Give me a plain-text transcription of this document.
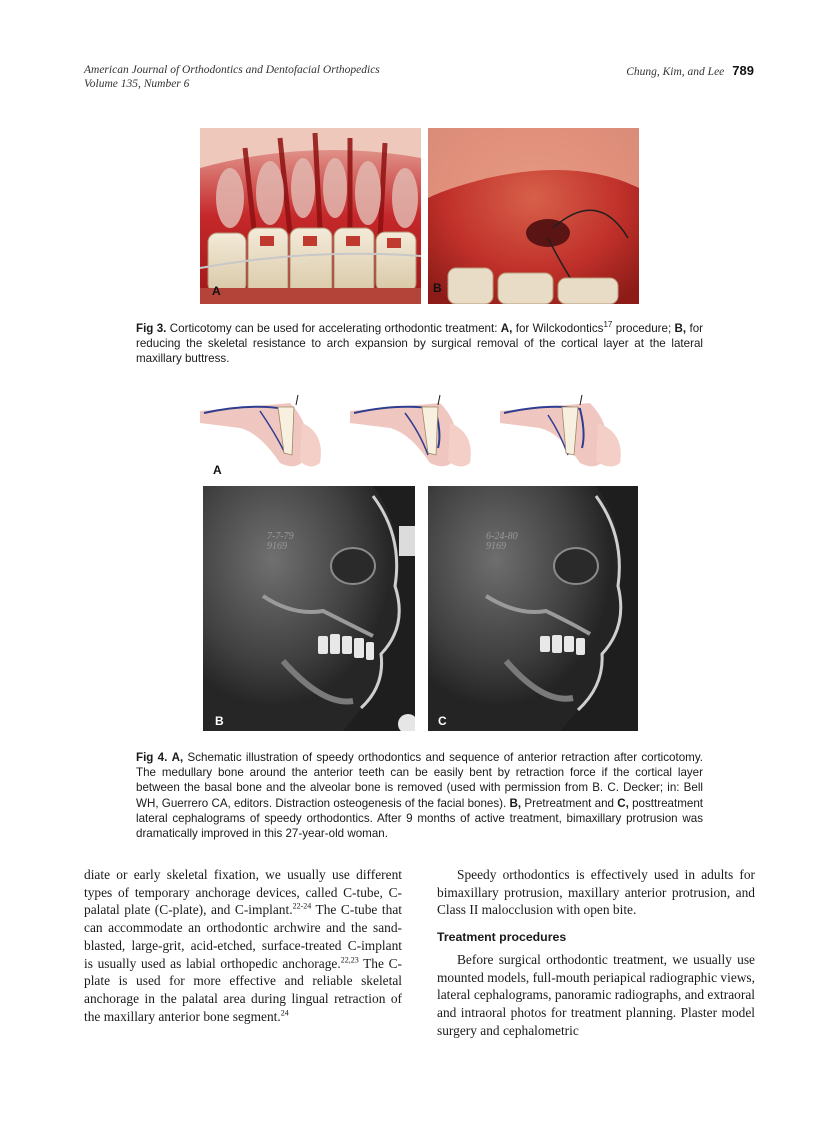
American Journal of Orthodontics and Dentofacial Orthopedics
Volume 135, Number 6
Chung, Kim, and Lee 789
A	B
Fig 3. Corticotomy can be used for accelerating orthodontic treatment: A, for Wilckodontics$^{17}$ procedure; B, for reducing the skeletal resistance to arch expansion by surgical removal of the cortical layer at the lateral maxillary buttress.
A
7-7-79 9169
B
6-24-80 9169
C
Fig 4. A, Schematic illustration of speedy orthodontics and sequence of anterior retraction after corticotomy. The medullary bone around the anterior teeth can be easily bent by retraction force if the cortical layer between the basal bone and the alveolar bone is removed (used with permission from B. C. Decker; in: Bell WH, Guerrero CA, editors. Distraction osteogenesis of the facial bones). B, Pretreatment and C, posttreatment lateral cephalograms of speedy orthodontics. After 9 months of active treatment, bimaxillary protrusion was dramatically improved in this 27-year-old woman.

diate or early skeletal fixation, we usually use different types of temporary anchorage devices, called C-tube, C-palatal plate (C-plate), and C-implant.$^{22-24}$ The C-tube that can accommodate an orthodontic archwire and the sand-blasted, large-grit, acid-etched, surface-treated C-implant is usually used as labial orthopedic anchorage.$^{22,23}$ The C-plate is used for more effective and reliable skeletal anchorage in the palatal area during lingual retraction of the maxillary anterior bone segment.$^{24}$

Speedy orthodontics is effectively used in adults for bimaxillary protrusion, maxillary anterior protrusion, and Class II malocclusion with open bite.

Treatment procedures

Before surgical orthodontic treatment, we usually use mounted models, full-mouth periapical radiographic views, lateral cephalograms, panoramic radiographs, and extraoral and intraoral photos for treatment planning. Plaster model surgery and cephalometric
